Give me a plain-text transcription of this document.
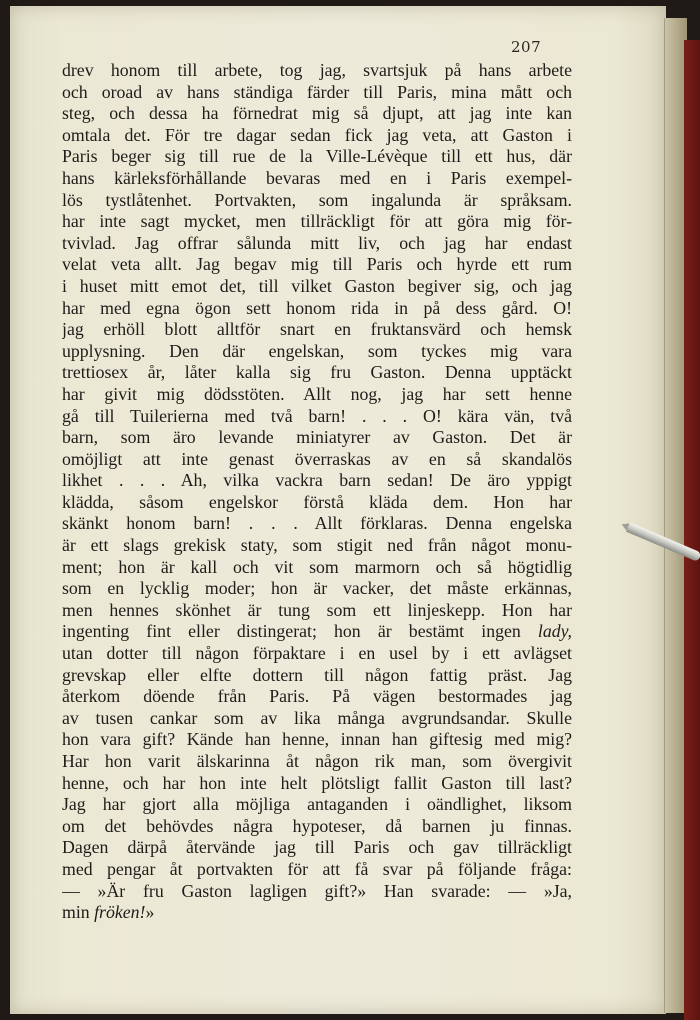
207

drev honom till arbete, tog jag, svartsjuk på hans arbete
och oroad av hans ständiga färder till Paris, mina mått och
steg, och dessa ha förnedrat mig så djupt, att jag inte kan
omtala det. För tre dagar sedan fick jag veta, att Gaston i
Paris beger sig till rue de la Ville-Lévèque till ett hus, där
hans kärleksförhållande bevaras med en i Paris exempel-
lös tystlåtenhet. Portvakten, som ingalunda är språksam.
har inte sagt mycket, men tillräckligt för att göra mig för-
tvivlad. Jag offrar sålunda mitt liv, och jag har endast
velat veta allt. Jag begav mig till Paris och hyrde ett rum
i huset mitt emot det, till vilket Gaston begiver sig, och jag
har med egna ögon sett honom rida in på dess gård. O!
jag erhöll blott alltför snart en fruktansvärd och hemsk
upplysning. Den där engelskan, som tyckes mig vara
trettiosex år, låter kalla sig fru Gaston. Denna upptäckt
har givit mig dödsstöten. Allt nog, jag har sett henne
gå till Tuilerierna med två barn! . . . O! kära vän, två
barn, som äro levande miniatyrer av Gaston. Det är
omöjligt att inte genast överraskas av en så skandalös
likhet . . . Ah, vilka vackra barn sedan! De äro yppigt
klädda, såsom engelskor förstå kläda dem. Hon har
skänkt honom barn! . . . Allt förklaras. Denna engelska
är ett slags grekisk staty, som stigit ned från något monu-
ment; hon är kall och vit som marmorn och så högtidlig
som en lycklig moder; hon är vacker, det måste erkännas,
men hennes skönhet är tung som ett linjeskepp. Hon har
ingenting fint eller distingerat; hon är bestämt ingen lady,
utan dotter till någon förpaktare i en usel by i ett avlägset
grevskap eller elfte dottern till någon fattig präst. Jag
återkom döende från Paris. På vägen bestormades jag
av tusen cankar som av lika många avgrundsandar. Skulle
hon vara gift? Kände han henne, innan han giftesig med mig?
Har hon varit älskarinna åt någon rik man, som övergivit
henne, och har hon inte helt plötsligt fallit Gaston till last?
Jag har gjort alla möjliga antaganden i oändlighet, liksom
om det behövdes några hypoteser, då barnen ju finnas.
Dagen därpå återvände jag till Paris och gav tillräckligt
med pengar åt portvakten för att få svar på följande fråga:
— »Är fru Gaston lagligen gift?» Han svarade: — »Ja,
min fröken!»
